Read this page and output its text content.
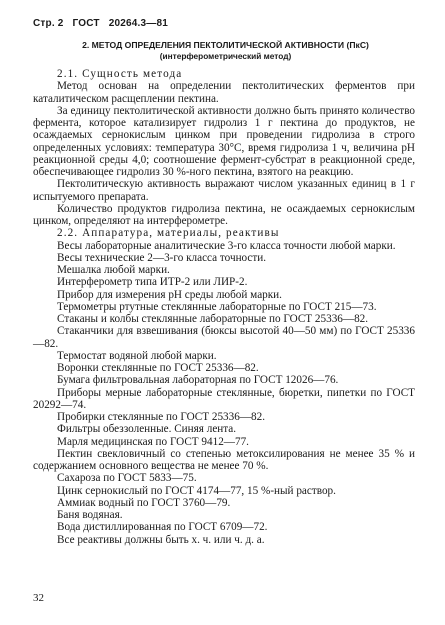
Стр. 2 ГОСТ 20264.3—81
2. МЕТОД ОПРЕДЕЛЕНИЯ ПЕКТОЛИТИЧЕСКОЙ АКТИВНОСТИ (ПкС)
(интерферометрический метод)

2.1. Сущность метода

Метод основан на определении пектолитических ферментов при каталитическом расщеплении пектина.

За единицу пектолитической активности должно быть принято количество фермента, которое катализирует гидролиз 1 г пектина до продуктов, не осаждаемых сернокислым цинком при проведении гидролиза в строго определенных условиях: температура 30°С, время гидролиза 1 ч, величина pH реакционной среды 4,0; соотношение фермент-субстрат в реакционной среде, обеспечивающее гидролиз 30 %-ного пектина, взятого на реакцию.

Пектолитическую активность выражают числом указанных единиц в 1 г испытуемого препарата.

Количество продуктов гидролиза пектина, не осаждаемых сернокислым цинком, определяют на интерферометре.

2.2. Аппаратура, материалы, реактивы

Весы лабораторные аналитические 3-го класса точности любой марки.

Весы технические 2—3-го класса точности.

Мешалка любой марки.

Интерферометр типа ИТР-2 или ЛИР-2.

Прибор для измерения pH среды любой марки.

Термометры ртутные стеклянные лабораторные по ГОСТ 215—73.

Стаканы и колбы стеклянные лабораторные по ГОСТ 25336—82.

Стаканчики для взвешивания (бюксы высотой 40—50 мм) по ГОСТ 25336—82.

Термостат водяной любой марки.

Воронки стеклянные по ГОСТ 25336—82.

Бумага фильтровальная лабораторная по ГОСТ 12026—76.

Приборы мерные лабораторные стеклянные, бюретки, пипетки по ГОСТ 20292—74.

Пробирки стеклянные по ГОСТ 25336—82.

Фильтры обеззоленные. Синяя лента.

Марля медицинская по ГОСТ 9412—77.

Пектин свекловичный со степенью метоксилирования не менее 35 % и содержанием основного вещества не менее 70 %.

Сахароза по ГОСТ 5833—75.

Цинк сернокислый по ГОСТ 4174—77, 15 %-ный раствор.

Аммиак водный по ГОСТ 3760—79.

Баня водяная.

Вода дистиллированная по ГОСТ 6709—72.

Все реактивы должны быть х. ч. или ч. д. а.

32
